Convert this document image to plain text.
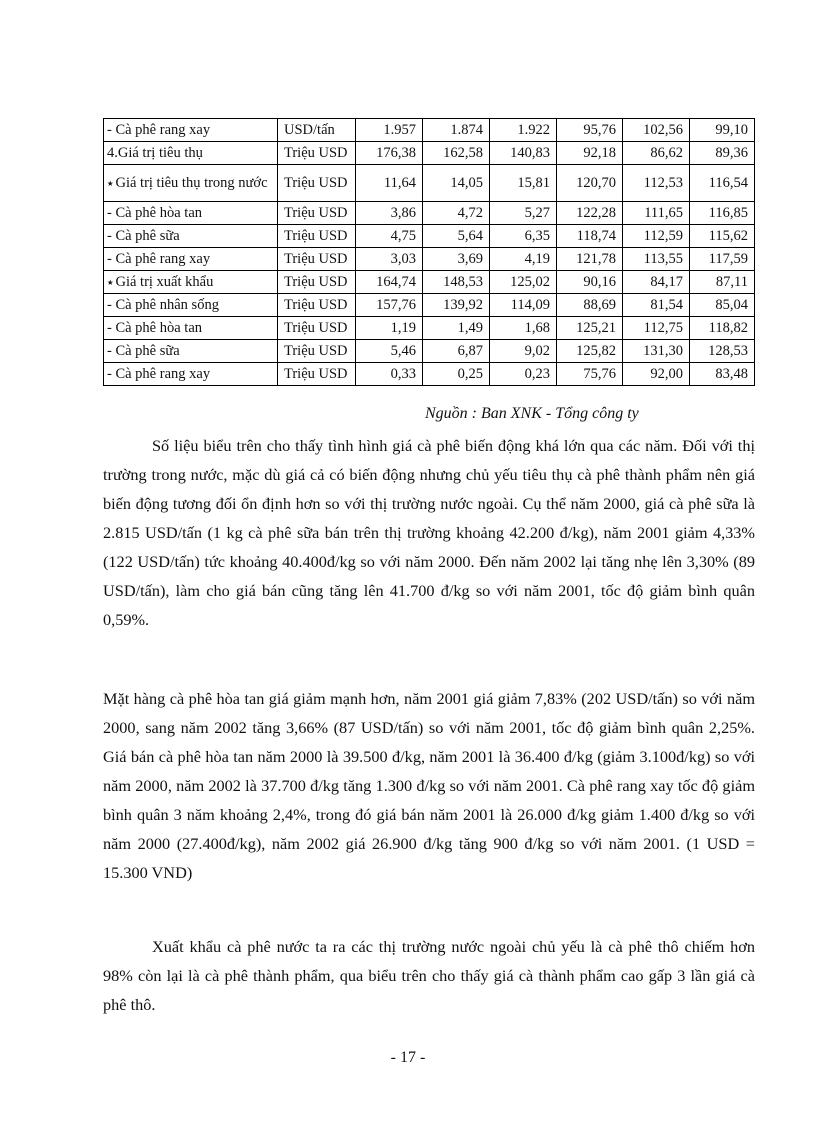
- Cà phê rang xay	USD/tấn	1.957	1.874	1.922	95,76	102,56	99,10
4.Giá trị tiêu thụ	Triệu USD	176,38	162,58	140,83	92,18	86,62	89,36
⭑ Giá trị tiêu thụ trong nước	Triệu USD	11,64	14,05	15,81	120,70	112,53	116,54
- Cà phê hòa tan	Triệu USD	3,86	4,72	5,27	122,28	111,65	116,85
- Cà phê sữa	Triệu USD	4,75	5,64	6,35	118,74	112,59	115,62
- Cà phê rang xay	Triệu USD	3,03	3,69	4,19	121,78	113,55	117,59
⭑ Giá trị xuất khẩu	Triệu USD	164,74	148,53	125,02	90,16	84,17	87,11
- Cà phê nhân sống	Triệu USD	157,76	139,92	114,09	88,69	81,54	85,04
- Cà phê hòa tan	Triệu USD	1,19	1,49	1,68	125,21	112,75	118,82
- Cà phê sữa	Triệu USD	5,46	6,87	9,02	125,82	131,30	128,53
- Cà phê rang xay	Triệu USD	0,33	0,25	0,23	75,76	92,00	83,48
Nguồn : Ban XNK - Tổng công ty

Số liệu biểu trên cho thấy tình hình giá cà phê biến động khá lớn qua các năm. Đối với thị trường trong nước, mặc dù giá cả có biến động nhưng chủ yếu tiêu thụ cà phê thành phẩm nên giá biến động tương đối ổn định hơn so với thị trường nước ngoài. Cụ thể năm 2000, giá cà phê sữa là 2.815 USD/tấn (1 kg cà phê sữa bán trên thị trường khoảng 42.200 đ/kg), năm 2001 giảm 4,33% (122 USD/tấn) tức khoảng 40.400đ/kg so với năm 2000. Đến năm 2002 lại tăng nhẹ lên 3,30% (89 USD/tấn), làm cho giá bán cũng tăng lên 41.700 đ/kg so với năm 2001, tốc độ giảm bình quân 0,59%.

Mặt hàng cà phê hòa tan giá giảm mạnh hơn, năm 2001 giá giảm 7,83% (202 USD/tấn) so với năm 2000, sang năm 2002 tăng 3,66% (87 USD/tấn) so với năm 2001, tốc độ giảm bình quân 2,25%. Giá bán cà phê hòa tan năm 2000 là 39.500 đ/kg, năm 2001 là 36.400 đ/kg (giảm 3.100đ/kg) so với năm 2000, năm 2002 là 37.700 đ/kg tăng 1.300 đ/kg so với năm 2001. Cà phê rang xay tốc độ giảm bình quân 3 năm khoảng 2,4%, trong đó giá bán năm 2001 là 26.000 đ/kg giảm 1.400 đ/kg so với năm 2000 (27.400đ/kg), năm 2002 giá 26.900 đ/kg tăng 900 đ/kg so với năm 2001. (1 USD = 15.300 VND)

Xuất khẩu cà phê nước ta ra các thị trường nước ngoài chủ yếu là cà phê thô chiếm hơn 98% còn lại là cà phê thành phẩm, qua biểu trên cho thấy giá cà thành phẩm cao gấp 3 lần giá cà phê thô.

- 17 -
